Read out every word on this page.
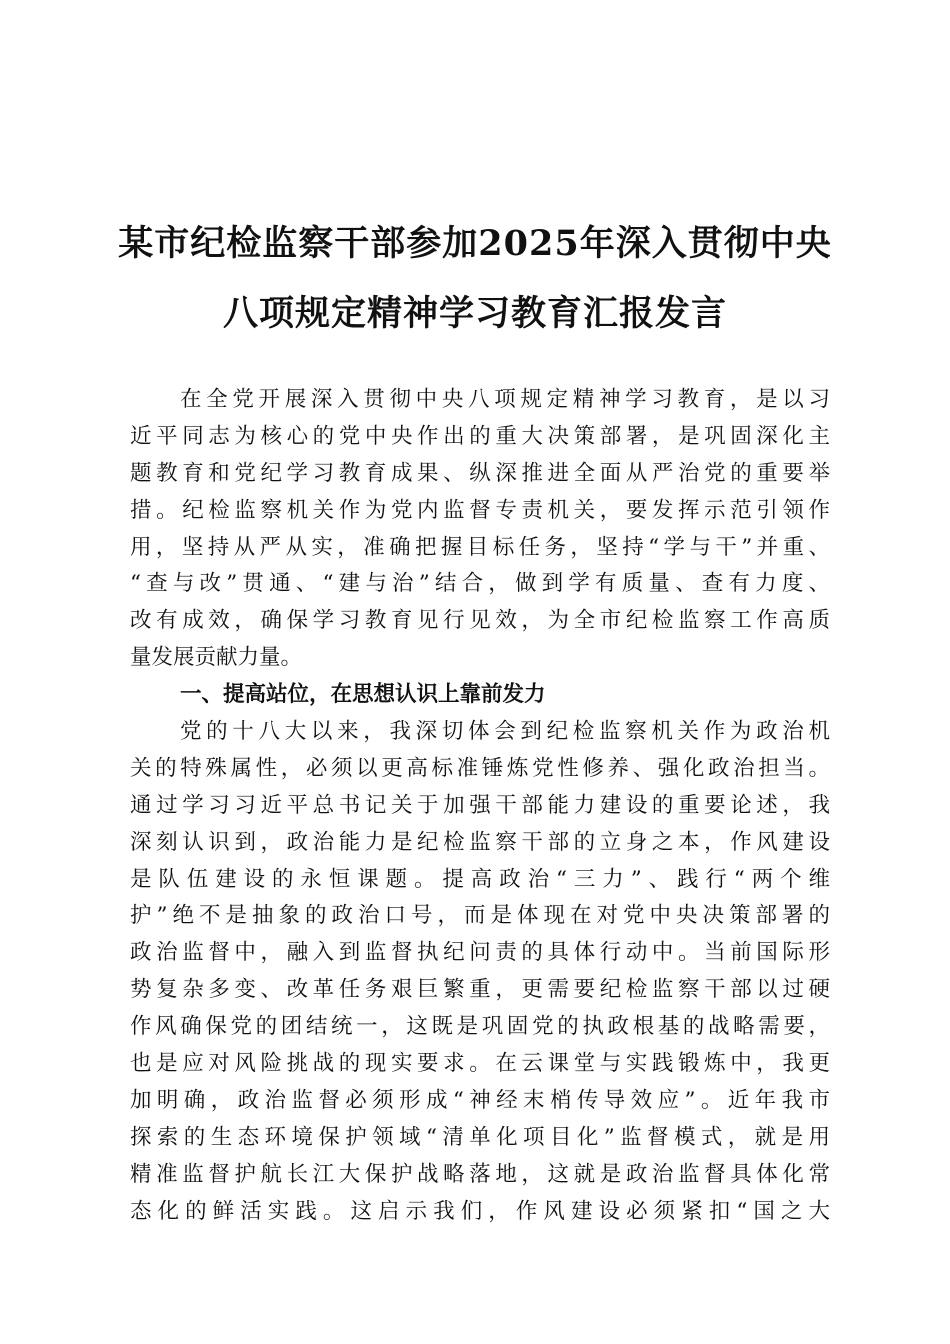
某市纪检监察干部参加2025年深入贯彻中央
八项规定精神学习教育汇报发言
在全党开展深入贯彻中央八项规定精神学习教育，是以习
近平同志为核心的党中央作出的重大决策部署，是巩固深化主
题教育和党纪学习教育成果、纵深推进全面从严治党的重要举
措。纪检监察机关作为党内监督专责机关，要发挥示范引领作
用，坚持从严从实，准确把握目标任务，坚持“学与干”并重、
“查与改”贯通、“建与治”结合，做到学有质量、查有力度、
改有成效，确保学习教育见行见效，为全市纪检监察工作高质
量发展贡献力量。
一、提高站位，在思想认识上靠前发力
党的十八大以来，我深切体会到纪检监察机关作为政治机
关的特殊属性，必须以更高标准锤炼党性修养、强化政治担当。
通过学习习近平总书记关于加强干部能力建设的重要论述，我
深刻认识到，政治能力是纪检监察干部的立身之本，作风建设
是队伍建设的永恒课题。提高政治“三力”、践行“两个维
护”绝不是抽象的政治口号，而是体现在对党中央决策部署的
政治监督中，融入到监督执纪问责的具体行动中。当前国际形
势复杂多变、改革任务艰巨繁重，更需要纪检监察干部以过硬
作风确保党的团结统一，这既是巩固党的执政根基的战略需要，
也是应对风险挑战的现实要求。在云课堂与实践锻炼中，我更
加明确，政治监督必须形成“神经末梢传导效应”。近年我市
探索的生态环境保护领域“清单化项目化”监督模式，就是用
精准监督护航长江大保护战略落地，这就是政治监督具体化常
态化的鲜活实践。这启示我们，作风建设必须紧扣“国之大
